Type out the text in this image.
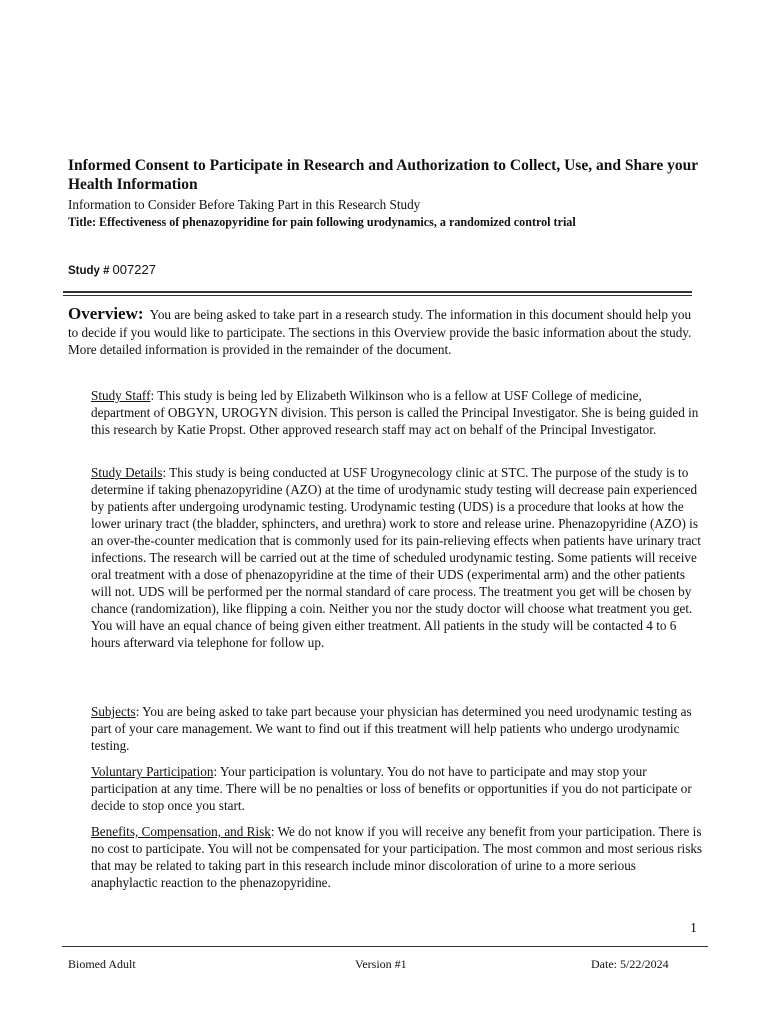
Informed Consent to Participate in Research and Authorization to Collect, Use, and Share your Health Information
Information to Consider Before Taking Part in this Research Study
Title: Effectiveness of phenazopyridine for pain following urodynamics, a randomized control trial
Study # 007227

Overview: You are being asked to take part in a research study. The information in this document should help you to decide if you would like to participate. The sections in this Overview provide the basic information about the study. More detailed information is provided in the remainder of the document.

Study Staff: This study is being led by Elizabeth Wilkinson who is a fellow at USF College of medicine, department of OBGYN, UROGYN division. This person is called the Principal Investigator. She is being guided in this research by Katie Propst. Other approved research staff may act on behalf of the Principal Investigator.

Study Details: This study is being conducted at USF Urogynecology clinic at STC. The purpose of the study is to determine if taking phenazopyridine (AZO) at the time of urodynamic study testing will decrease pain experienced by patients after undergoing urodynamic testing. Urodynamic testing (UDS) is a procedure that looks at how the lower urinary tract (the bladder, sphincters, and urethra) work to store and release urine. Phenazopyridine (AZO) is an over-the-counter medication that is commonly used for its pain-relieving effects when patients have urinary tract infections. The research will be carried out at the time of scheduled urodynamic testing. Some patients will receive oral treatment with a dose of phenazopyridine at the time of their UDS (experimental arm) and the other patients will not. UDS will be performed per the normal standard of care process. The treatment you get will be chosen by chance (randomization), like flipping a coin. Neither you nor the study doctor will choose what treatment you get. You will have an equal chance of being given either treatment. All patients in the study will be contacted 4 to 6 hours afterward via telephone for follow up.

Subjects: You are being asked to take part because your physician has determined you need urodynamic testing as part of your care management. We want to find out if this treatment will help patients who undergo urodynamic testing.

Voluntary Participation: Your participation is voluntary. You do not have to participate and may stop your participation at any time. There will be no penalties or loss of benefits or opportunities if you do not participate or decide to stop once you start.

Benefits, Compensation, and Risk: We do not know if you will receive any benefit from your participation. There is no cost to participate. You will not be compensated for your participation. The most common and most serious risks that may be related to taking part in this research include minor discoloration of urine to a more serious anaphylactic reaction to the phenazopyridine.

1
Biomed Adult	Version #1	Date: 5/22/2024
